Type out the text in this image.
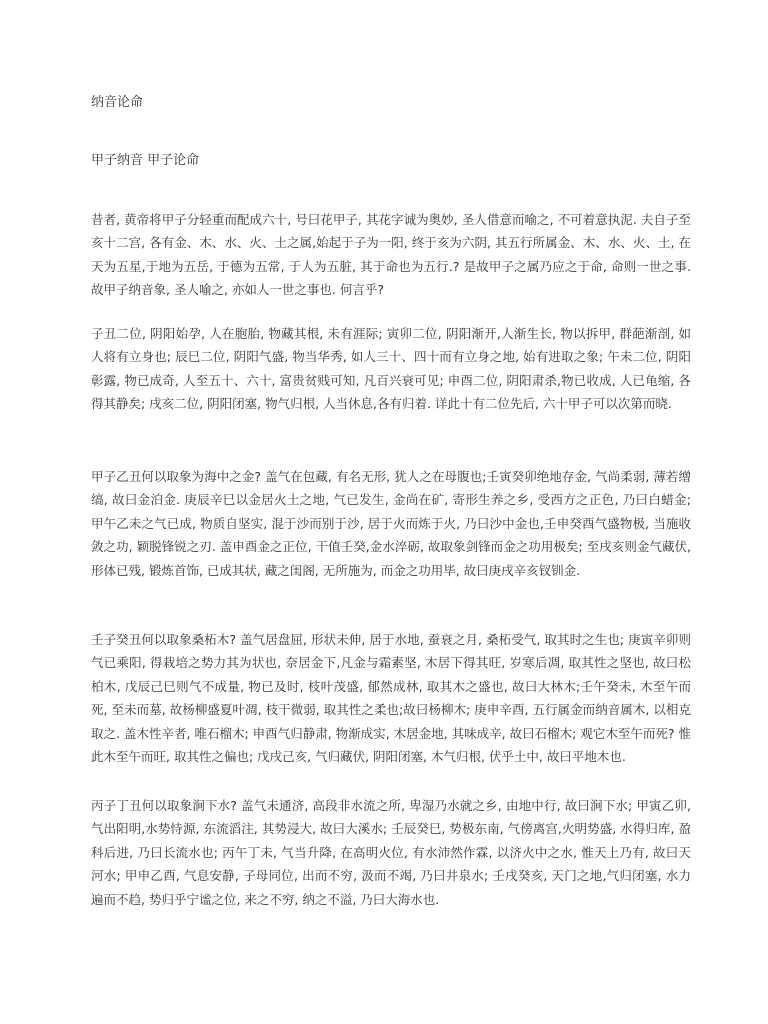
纳音论命
甲子纳音 甲子论命

昔者, 黄帝将甲子分轻重而配成六十, 号曰花甲子, 其花字诚为奥妙, 圣人借意而喻之, 不可着意执泥. 夫自子至亥十二宫, 各有金、木、水、火、土之属,始起于子为一阳, 终于亥为六阴, 其五行所属金、木、水、火、土, 在天为五星,于地为五岳, 于德为五常, 于人为五脏, 其于命也为五行.? 是故甲子之属乃应之于命, 命则一世之事. 故甲子纳音象, 圣人喻之, 亦如人一世之事也. 何言乎?

子丑二位, 阴阳始孕, 人在胞胎, 物藏其根, 未有涯际; 寅卯二位, 阴阳渐开,人渐生长, 物以拆甲, 群葩渐剖, 如人将有立身也; 辰巳二位, 阴阳气盛, 物当华秀, 如人三十、四十而有立身之地, 始有进取之象; 午未二位, 阴阳彰露, 物已成奇, 人至五十、六十, 富贵贫贱可知, 凡百兴衰可见; 申酉二位, 阴阳肃杀,物已收成, 人已龟缩, 各得其静矣; 戌亥二位, 阴阳闭塞, 物气归根, 人当休息,各有归着. 详此十有二位先后, 六十甲子可以次第而晓.

甲子乙丑何以取象为海中之金? 盖气在包藏, 有名无形, 犹人之在母腹也;壬寅癸卯绝地存金, 气尚柔弱, 薄若缯缟, 故曰金泊金. 庚辰辛巳以金居火土之地, 气已发生, 金尚在矿, 寄形生养之乡, 受西方之正色, 乃曰白蜡金; 甲午乙未之气已成, 物质自坚实, 混于沙而别于沙, 居于火而炼于火, 乃曰沙中金也,壬申癸酉气盛物极, 当施收敛之功, 颖脱锋锐之刃. 盖申酉金之正位, 干值壬癸,金水淬砺, 故取象剑锋而金之功用极矣; 至戌亥则金气藏伏, 形体已残, 锻炼首饰, 已成其状, 藏之闺阁, 无所施为, 而金之功用毕, 故曰庚戌辛亥钗钏金.

壬子癸丑何以取象桑柘木? 盖气居盘屈, 形状未伸, 居于水地, 蚕衰之月, 桑柘受气, 取其时之生也; 庚寅辛卯则气已乘阳, 得栽培之势力其为状也, 奈居金下,凡金与霜素坚, 木居下得其旺, 岁寒后凋, 取其性之坚也, 故曰松柏木, 戊辰己巳则气不成量, 物已及时, 枝叶茂盛, 郁然成林, 取其木之盛也, 故曰大林木;壬午癸未, 木至午而死, 至未而墓, 故杨柳盛夏叶凋, 枝干微弱, 取其性之柔也;故曰杨柳木; 庚申辛酉, 五行属金而纳音属木, 以相克取之. 盖木性辛者, 唯石榴木; 申酉气归静肃, 物渐成实, 木居金地, 其味成辛, 故曰石榴木; 观它木至午而死? 惟此木至午而旺, 取其性之偏也; 戊戌己亥, 气归藏伏, 阴阳闭塞, 木气归根, 伏乎土中, 故曰平地木也.

丙子丁丑何以取象涧下水? 盖气未通济, 高段非水流之所, 卑湿乃水就之乡, 由地中行, 故曰涧下水; 甲寅乙卯, 气出阳明,水势恃源, 东流滔注, 其势浸大, 故曰大溪水; 壬辰癸巳, 势极东南, 气傍离宫,火明势盛, 水得归库, 盈科后进, 乃曰长流水也; 丙午丁未, 气当升降, 在高明火位, 有水沛然作霖, 以济火中之水, 惟天上乃有, 故曰天河水; 甲申乙酉, 气息安静, 子母同位, 出而不穷, 汲而不竭, 乃曰井泉水; 壬戌癸亥, 天门之地,气归闭塞, 水力遍而不趋, 势归乎宁谧之位, 来之不穷, 纳之不溢, 乃曰大海水也.
